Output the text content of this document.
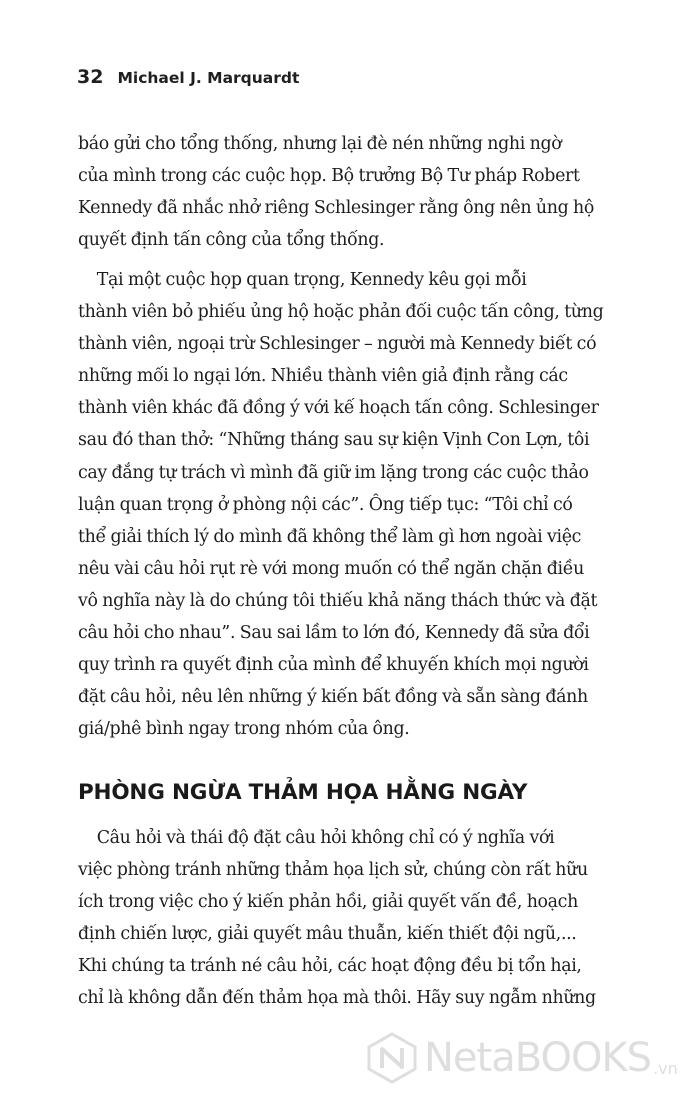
32 Michael J. Marquardt
báo gửi cho tổng thống, nhưng lại đè nén những nghi ngờ
của mình trong các cuộc họp. Bộ trưởng Bộ Tư pháp Robert
Kennedy đã nhắc nhở riêng Schlesinger rằng ông nên ủng hộ
quyết định tấn công của tổng thống.
Tại một cuộc họp quan trọng, Kennedy kêu gọi mỗi
thành viên bỏ phiếu ủng hộ hoặc phản đối cuộc tấn công, từng
thành viên, ngoại trừ Schlesinger – người mà Kennedy biết có
những mối lo ngại lớn. Nhiều thành viên giả định rằng các
thành viên khác đã đồng ý với kế hoạch tấn công. Schlesinger
sau đó than thở: “Những tháng sau sự kiện Vịnh Con Lợn, tôi
cay đắng tự trách vì mình đã giữ im lặng trong các cuộc thảo
luận quan trọng ở phòng nội các”. Ông tiếp tục: “Tôi chỉ có
thể giải thích lý do mình đã không thể làm gì hơn ngoài việc
nêu vài câu hỏi rụt rè với mong muốn có thể ngăn chặn điều
vô nghĩa này là do chúng tôi thiếu khả năng thách thức và đặt
câu hỏi cho nhau”. Sau sai lầm to lớn đó, Kennedy đã sửa đổi
quy trình ra quyết định của mình để khuyến khích mọi người
đặt câu hỏi, nêu lên những ý kiến bất đồng và sẵn sàng đánh
giá/phê bình ngay trong nhóm của ông.
PHÒNG NGỪA THẢM HỌA HẰNG NGÀY
Câu hỏi và thái độ đặt câu hỏi không chỉ có ý nghĩa với
việc phòng tránh những thảm họa lịch sử, chúng còn rất hữu
ích trong việc cho ý kiến phản hồi, giải quyết vấn đề, hoạch
định chiến lược, giải quyết mâu thuẫn, kiến thiết đội ngũ,...
Khi chúng ta tránh né câu hỏi, các hoạt động đều bị tổn hại,
chỉ là không dẫn đến thảm họa mà thôi. Hãy suy ngẫm những
NetaBOOKS .vn
